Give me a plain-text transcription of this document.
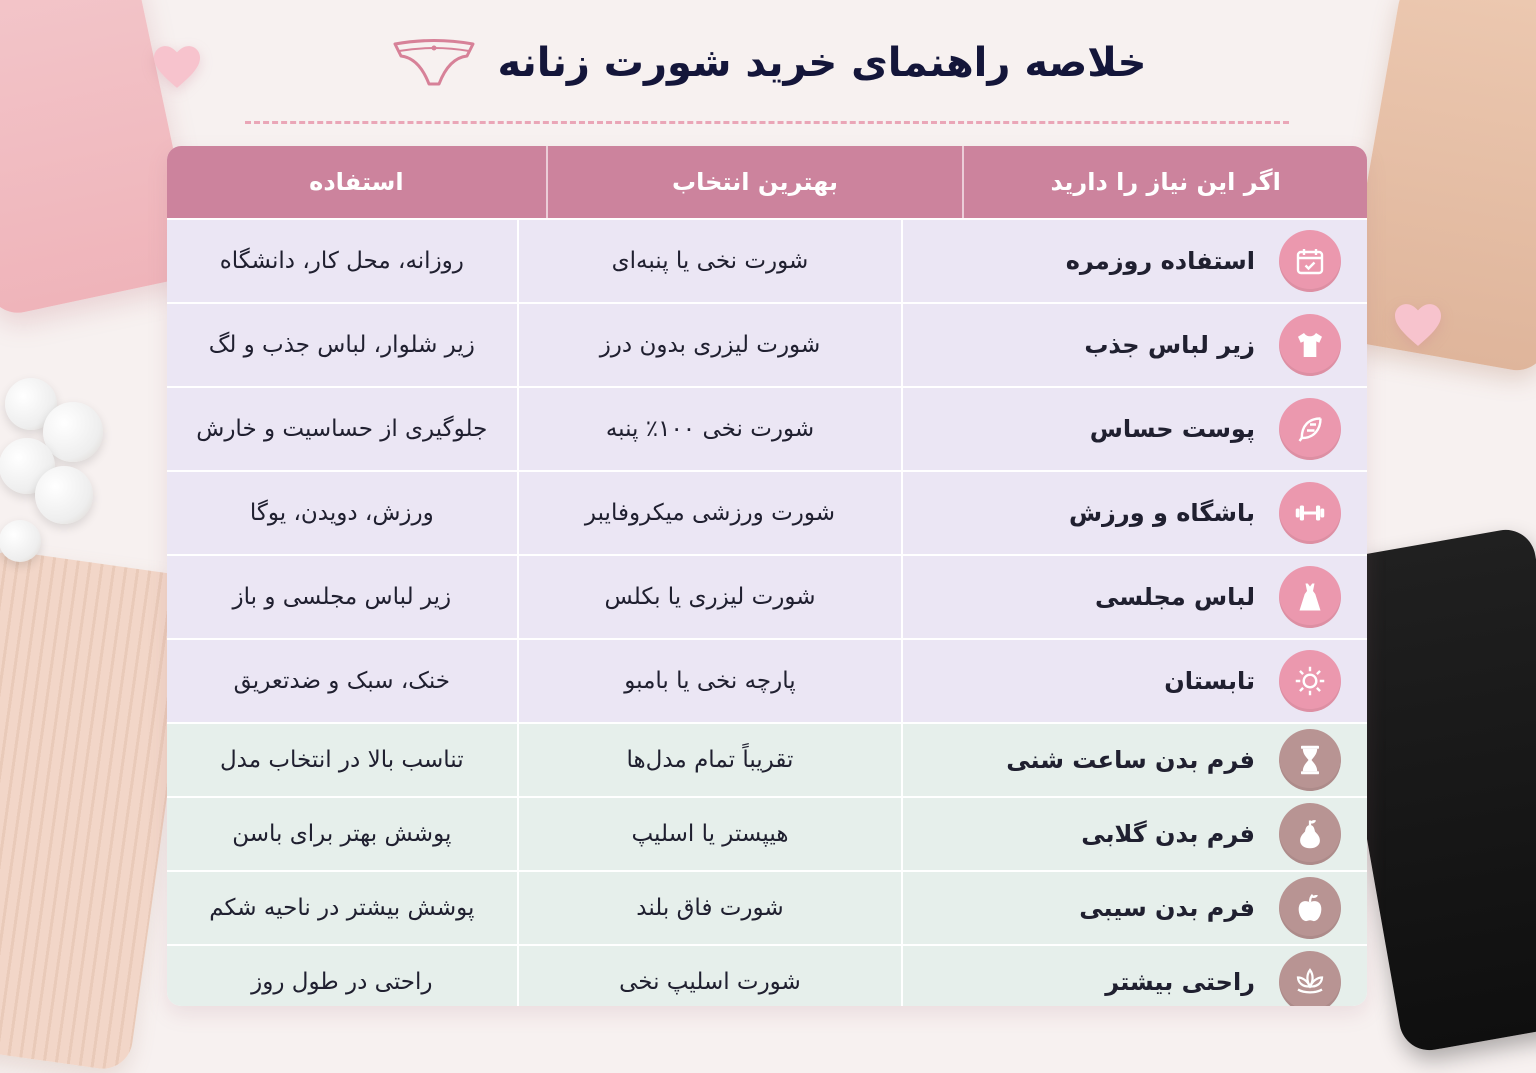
خلاصه راهنمای خرید شورت زنانه
اگر این نیاز را دارید
بهترین انتخاب
استفاده
استفاده روزمره
شورت نخی یا پنبه‌ای
روزانه، محل کار، دانشگاه
زیر لباس جذب
شورت لیزری بدون درز
زیر شلوار، لباس جذب و لگ
پوست حساس
شورت نخی ۱۰۰٪ پنبه
جلوگیری از حساسیت و خارش
باشگاه و ورزش
شورت ورزشی میکروفایبر
ورزش، دویدن، یوگا
لباس مجلسی
شورت لیزری یا بکلس
زیر لباس مجلسی و باز
تابستان
پارچه نخی یا بامبو
خنک، سبک و ضدتعریق
فرم بدن ساعت شنی
تقریباً تمام مدل‌ها
تناسب بالا در انتخاب مدل
فرم بدن گلابی
هیپستر یا اسلیپ
پوشش بهتر برای باسن
فرم بدن سیبی
شورت فاق بلند
پوشش بیشتر در ناحیه شکم
راحتی بیشتر
شورت اسلیپ نخی
راحتی در طول روز
